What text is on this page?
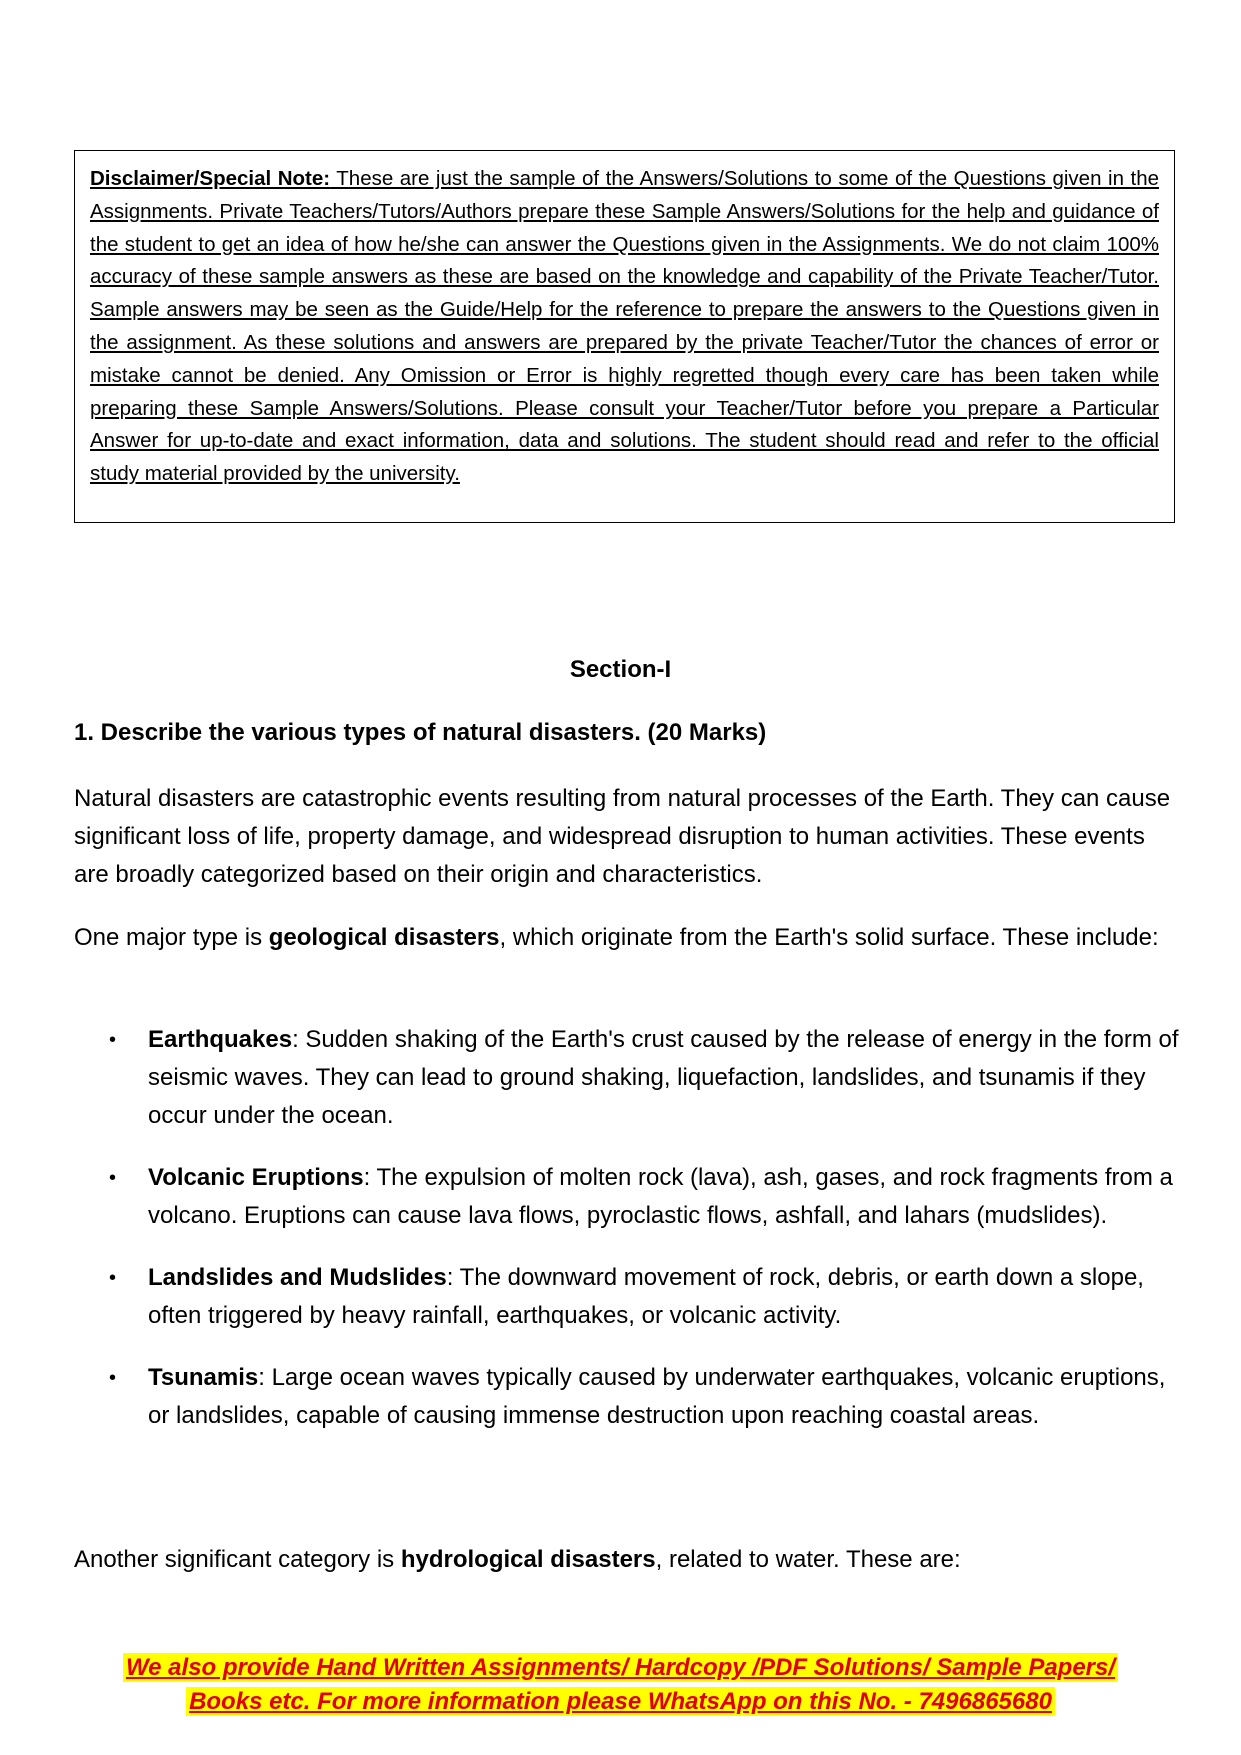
Disclaimer/Special Note: These are just the sample of the Answers/Solutions to some of the Questions given in the Assignments. Private Teachers/Tutors/Authors prepare these Sample Answers/Solutions for the help and guidance of the student to get an idea of how he/she can answer the Questions given in the Assignments. We do not claim 100% accuracy of these sample answers as these are based on the knowledge and capability of the Private Teacher/Tutor. Sample answers may be seen as the Guide/Help for the reference to prepare the answers to the Questions given in the assignment. As these solutions and answers are prepared by the private Teacher/Tutor the chances of error or mistake cannot be denied. Any Omission or Error is highly regretted though every care has been taken while preparing these Sample Answers/Solutions. Please consult your Teacher/Tutor before you prepare a Particular Answer for up-to-date and exact information, data and solutions. The student should read and refer to the official study material provided by the university.
Section-I
1. Describe the various types of natural disasters. (20 Marks)

Natural disasters are catastrophic events resulting from natural processes of the Earth. They can cause significant loss of life, property damage, and widespread disruption to human activities. These events are broadly categorized based on their origin and characteristics.

One major type is geological disasters, which originate from the Earth's solid surface. These include:

• Earthquakes: Sudden shaking of the Earth's crust caused by the release of energy in the form of seismic waves. They can lead to ground shaking, liquefaction, landslides, and tsunamis if they occur under the ocean.
• Volcanic Eruptions: The expulsion of molten rock (lava), ash, gases, and rock fragments from a volcano. Eruptions can cause lava flows, pyroclastic flows, ashfall, and lahars (mudslides).
• Landslides and Mudslides: The downward movement of rock, debris, or earth down a slope, often triggered by heavy rainfall, earthquakes, or volcanic activity.
• Tsunamis: Large ocean waves typically caused by underwater earthquakes, volcanic eruptions, or landslides, capable of causing immense destruction upon reaching coastal areas.

Another significant category is hydrological disasters, related to water. These are:

We also provide Hand Written Assignments/ Hardcopy /PDF Solutions/ Sample Papers/
Books etc. For more information please WhatsApp on this No. - 7496865680
